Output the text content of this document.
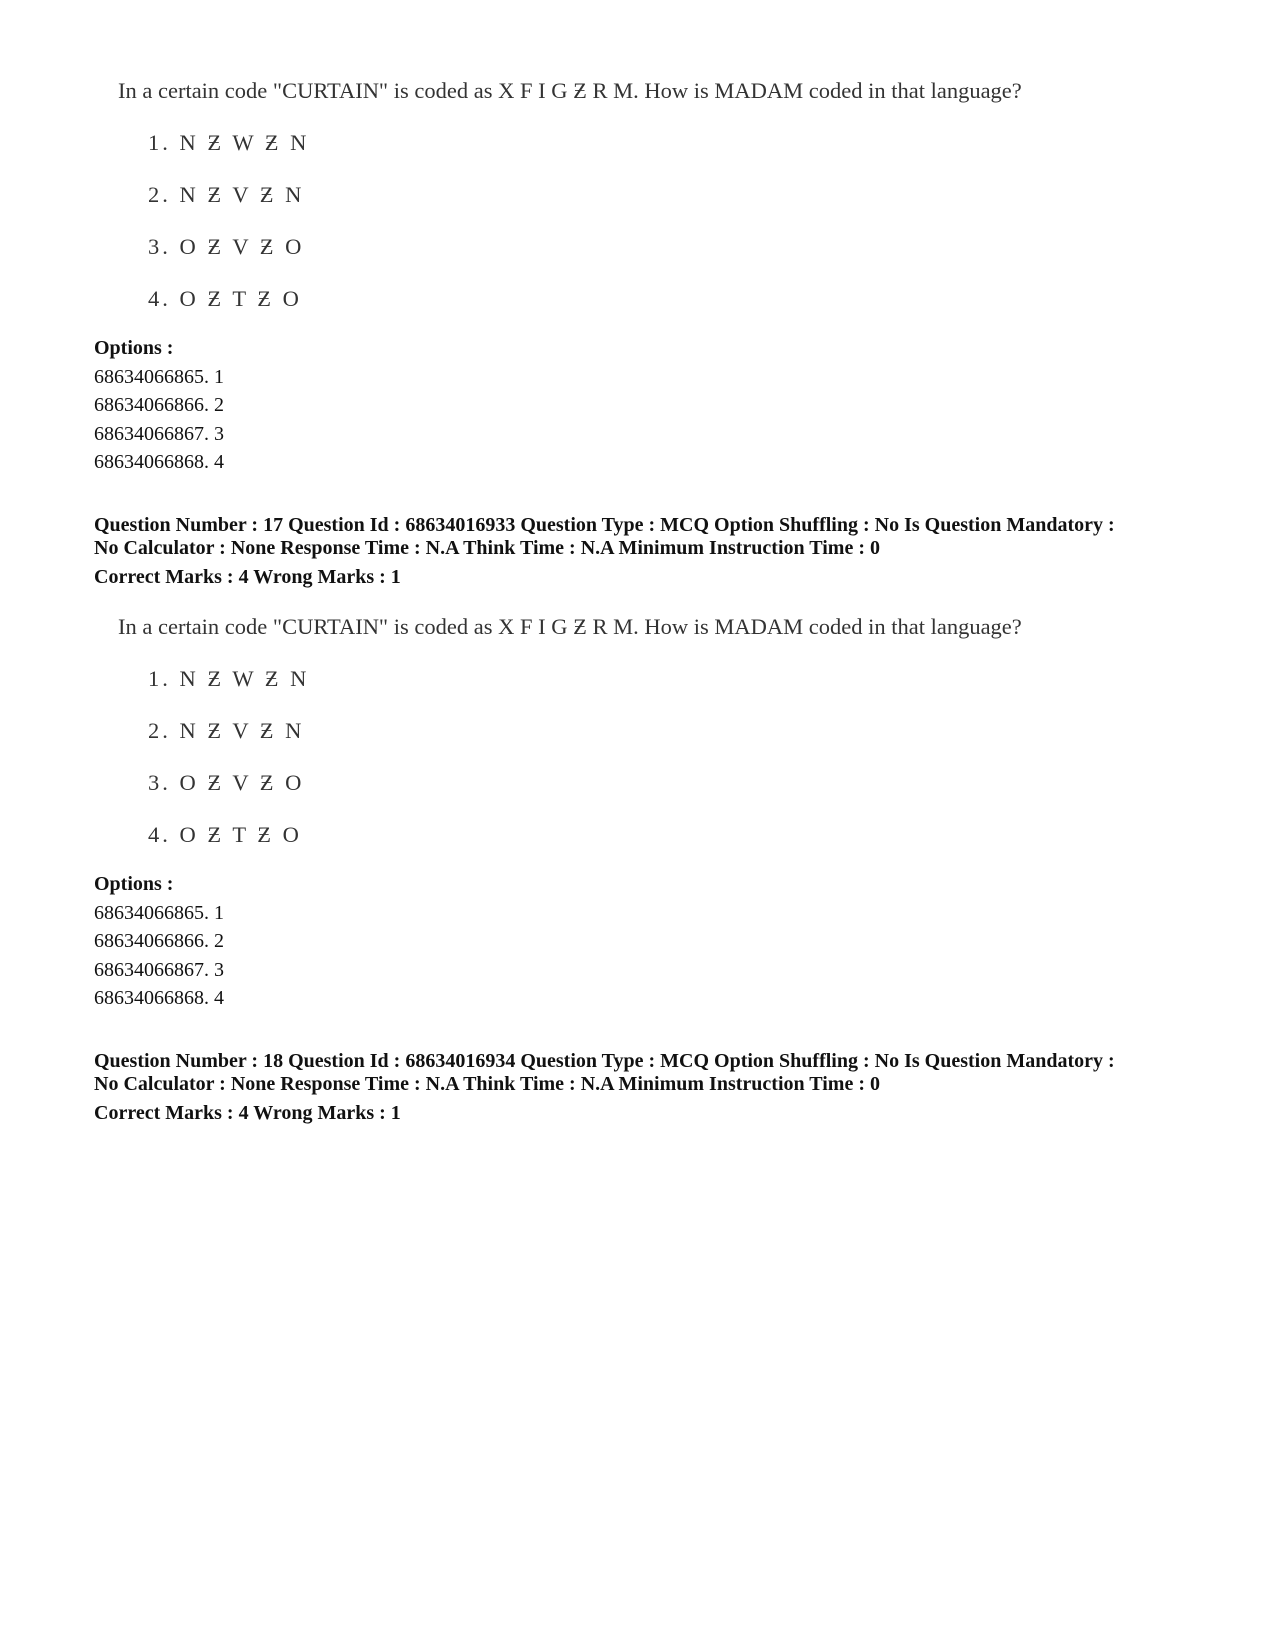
In a certain code "CURTAIN" is coded as X F I G Ƶ R M. How is MADAM coded in that language?
1. N Ƶ W Ƶ N
2. N Ƶ V Ƶ N
3. O Ƶ V Ƶ O
4. O Ƶ T Ƶ O
Options :
68634066865. 1
68634066866. 2
68634066867. 3
68634066868. 4
Question Number : 17 Question Id : 68634016933 Question Type : MCQ Option Shuffling : No Is Question Mandatory :
No Calculator : None Response Time : N.A Think Time : N.A Minimum Instruction Time : 0
Correct Marks : 4 Wrong Marks : 1
In a certain code "CURTAIN" is coded as X F I G Ƶ R M. How is MADAM coded in that language?
1. N Ƶ W Ƶ N
2. N Ƶ V Ƶ N
3. O Ƶ V Ƶ O
4. O Ƶ T Ƶ O
Options :
68634066865. 1
68634066866. 2
68634066867. 3
68634066868. 4
Question Number : 18 Question Id : 68634016934 Question Type : MCQ Option Shuffling : No Is Question Mandatory :
No Calculator : None Response Time : N.A Think Time : N.A Minimum Instruction Time : 0
Correct Marks : 4 Wrong Marks : 1
